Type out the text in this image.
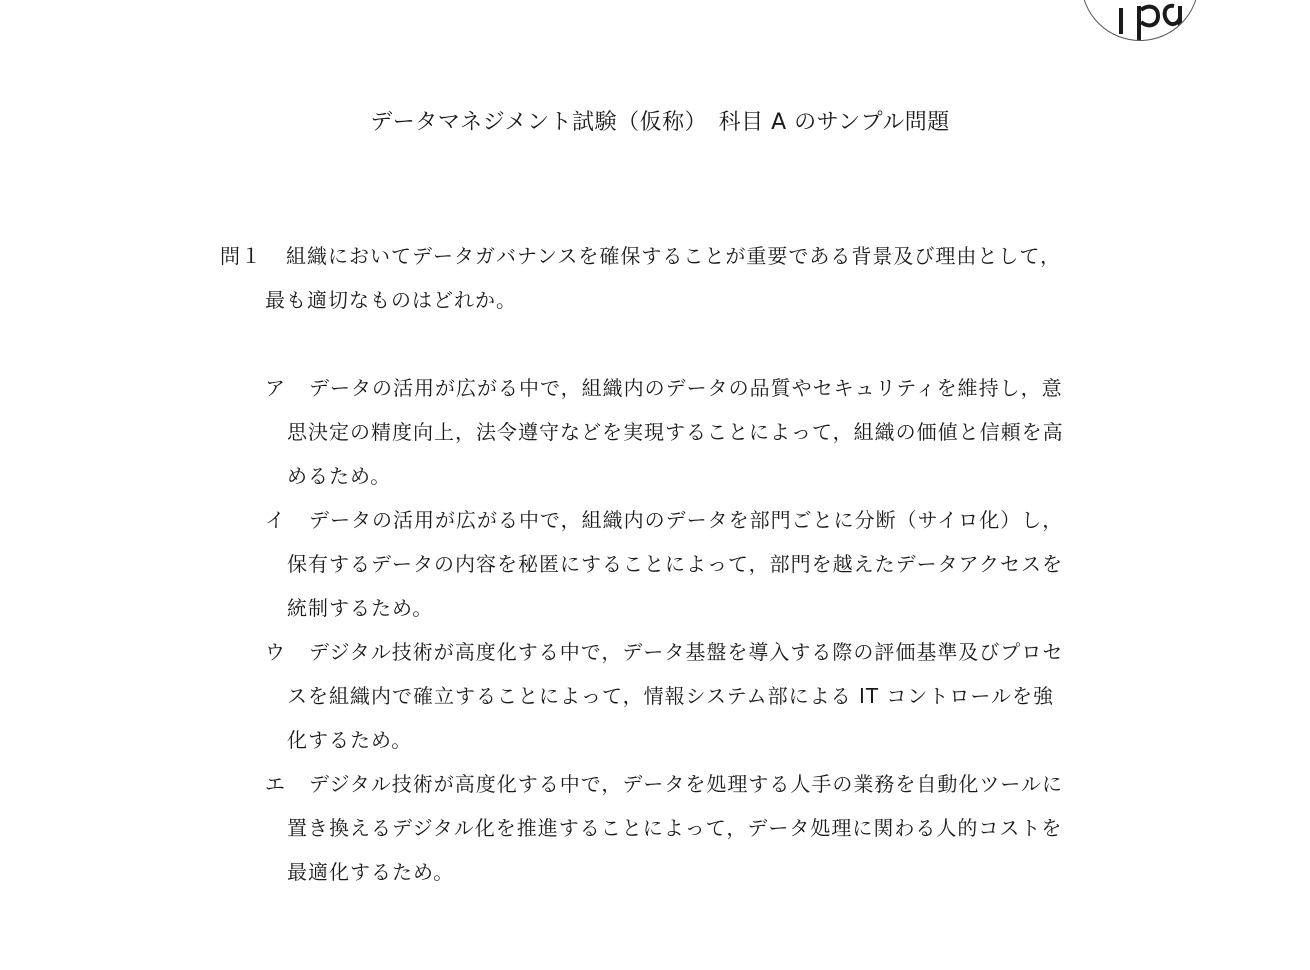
データマネジメント試験（仮称）　科目 A のサンプル問題
問１ 組織においてデータガバナンスを確保することが重要である背景及び理由として，
最も適切なものはどれか。
ア	データの活用が広がる中で，組織内のデータの品質やセキュリティを維持し，意
思決定の精度向上，法令遵守などを実現することによって，組織の価値と信頼を高
めるため。
イ	データの活用が広がる中で，組織内のデータを部門ごとに分断（サイロ化）し，
保有するデータの内容を秘匿にすることによって，部門を越えたデータアクセスを
統制するため。
ウ	デジタル技術が高度化する中で，データ基盤を導入する際の評価基準及びプロセ
スを組織内で確立することによって，情報システム部による IT コントロールを強
化するため。
エ	デジタル技術が高度化する中で，データを処理する人手の業務を自動化ツールに
置き換えるデジタル化を推進することによって，データ処理に関わる人的コストを
最適化するため。
